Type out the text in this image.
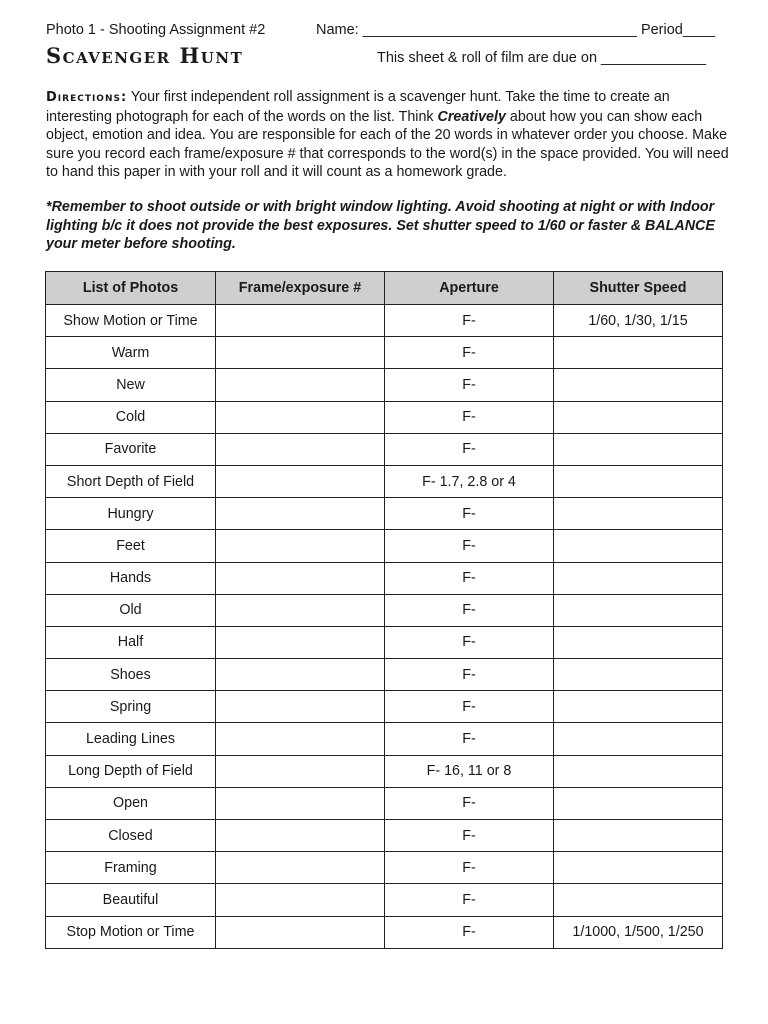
Photo 1 - Shooting Assignment #2	Name: __________________________________ Period____
Scavenger Hunt	This sheet & roll of film are due on _____________
Directions: Your first independent roll assignment is a scavenger hunt. Take the time to create an interesting photograph for each of the words on the list. Think Creatively about how you can show each object, emotion and idea. You are responsible for each of the 20 words in whatever order you choose. Make sure you record each frame/exposure # that corresponds to the word(s) in the space provided. You will need to hand this paper in with your roll and it will count as a homework grade.
*Remember to shoot outside or with bright window lighting. Avoid shooting at night or with Indoor lighting b/c it does not provide the best exposures. Set shutter speed to 1/60 or faster & BALANCE your meter before shooting.
List of Photos	Frame/exposure #	Aperture	Shutter Speed
Show Motion or Time		F-	1/60, 1/30, 1/15
Warm		F-	
New		F-	
Cold		F-	
Favorite		F-	
Short Depth of Field		F- 1.7, 2.8 or 4	
Hungry		F-	
Feet		F-	
Hands		F-	
Old		F-	
Half		F-	
Shoes		F-	
Spring		F-	
Leading Lines		F-	
Long Depth of Field		F- 16, 11 or 8	
Open		F-	
Closed		F-	
Framing		F-	
Beautiful		F-	
Stop Motion or Time		F-	1/1000, 1/500, 1/250
